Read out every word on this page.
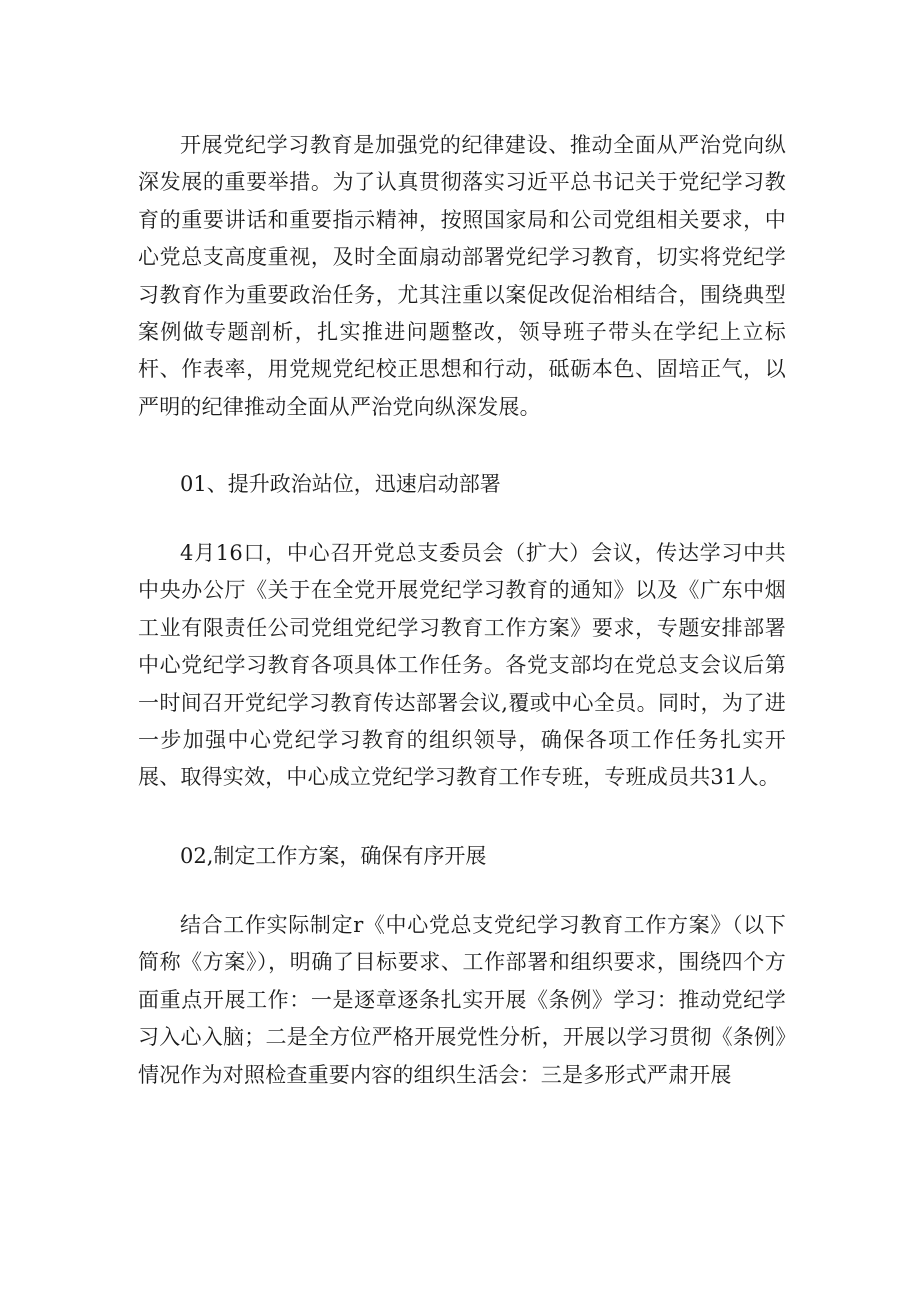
开展党纪学习教育是加强党的纪律建设、推动全面从严治党向纵深发展的重要举措。为了认真贯彻落实习近平总书记关于党纪学习教育的重要讲话和重要指示精神，按照国家局和公司党组相关要求，中心党总支高度重视，及时全面扇动部署党纪学习教育，切实将党纪学习教育作为重要政治任务，尤其注重以案促改促治相结合，围绕典型案例做专题剖析，扎实推进问题整改，领导班子带头在学纪上立标杆、作表率，用党规党纪校正思想和行动，砥砺本色、固培正气，以严明的纪律推动全面从严治党向纵深发展。

01、提升政治站位，迅速启动部署

4月16口，中心召开党总支委员会（扩大）会议，传达学习中共中央办公厅《关于在全党开展党纪学习教育的通知》以及《广东中烟工业有限责任公司党组党纪学习教育工作方案》要求，专题安排部署中心党纪学习教育各项具体工作任务。各党支部均在党总支会议后第一时间召开党纪学习教育传达部署会议,覆或中心全员。同时，为了进一步加强中心党纪学习教育的组织领导，确保各项工作任务扎实开展、取得实效，中心成立党纪学习教育工作专班，专班成员共31人。

02,制定工作方案，确保有序开展

结合工作实际制定r《中心党总支党纪学习教育工作方案》（以下简称《方案》），明确了目标要求、工作部署和组织要求，围绕四个方面重点开展工作：一是逐章逐条扎实开展《条例》学习：推动党纪学习入心入脑；二是全方位严格开展党性分析，开展以学习贯彻《条例》情况作为对照检查重要内容的组织生活会：三是多形式严肃开展
